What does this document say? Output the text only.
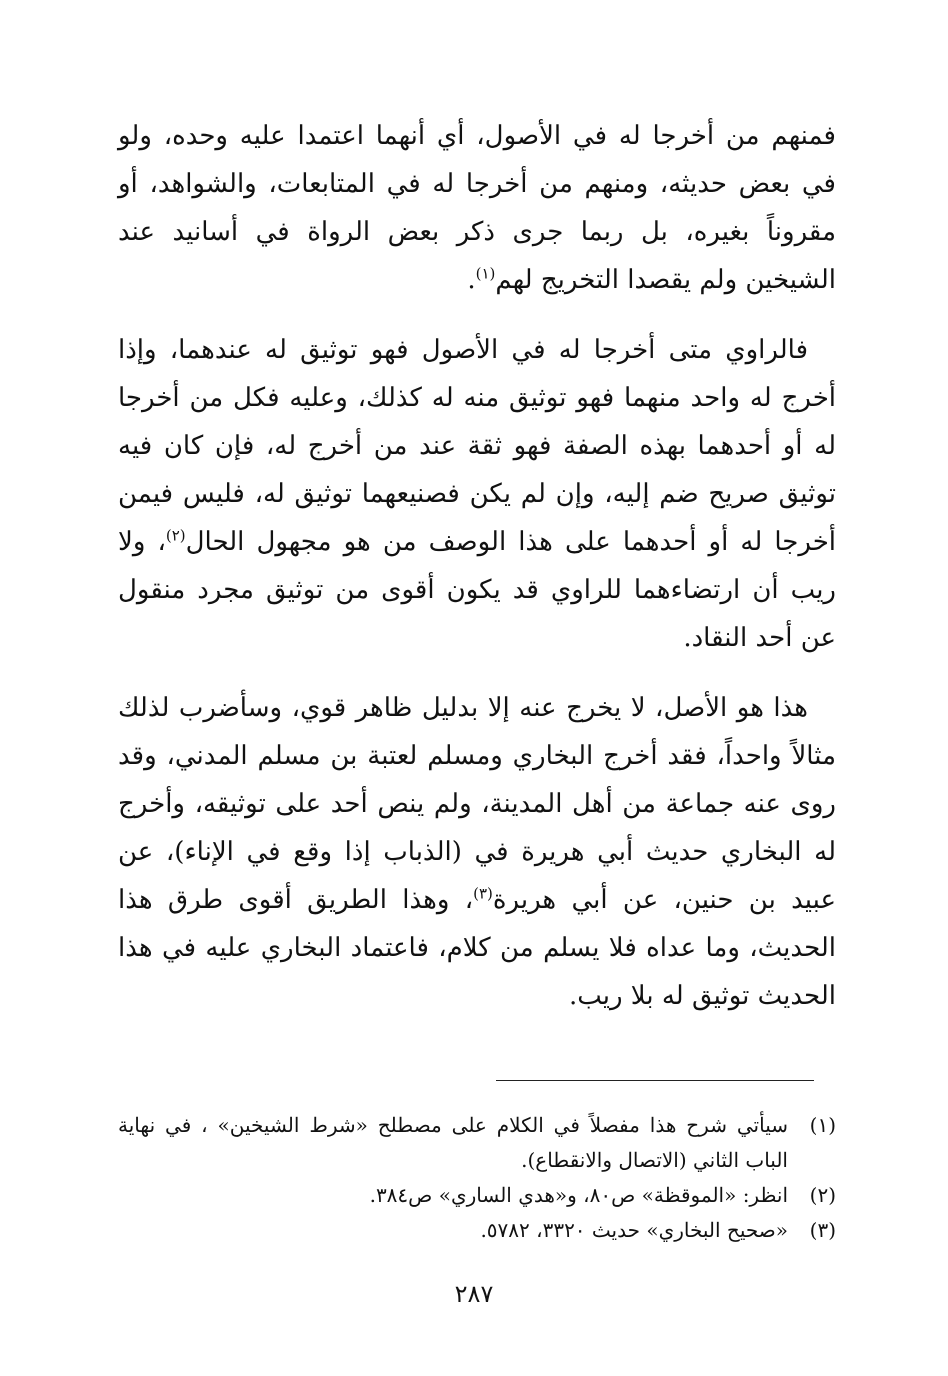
فمنهم من أخرجا له في الأصول، أي أنهما اعتمدا عليه وحده، ولو في بعض حديثه، ومنهم من أخرجا له في المتابعات، والشواهد، أو مقروناً بغيره، بل ربما جرى ذكر بعض الرواة في أسانيد عند الشيخين ولم يقصدا التخريج لهم$^{(١)}$.

فالراوي متى أخرجا له في الأصول فهو توثيق له عندهما، وإذا أخرج له واحد منهما فهو توثيق منه له كذلك، وعليه فكل من أخرجا له أو أحدهما بهذه الصفة فهو ثقة عند من أخرج له، فإن كان فيه توثيق صريح ضم إليه، وإن لم يكن فصنيعهما توثيق له، فليس فيمن أخرجا له أو أحدهما على هذا الوصف من هو مجهول الحال$^{(٢)}$، ولا ريب أن ارتضاءهما للراوي قد يكون أقوى من توثيق مجرد منقول عن أحد النقاد.

هذا هو الأصل، لا يخرج عنه إلا بدليل ظاهر قوي، وسأضرب لذلك مثالاً واحداً، فقد أخرج البخاري ومسلم لعتبة بن مسلم المدني، وقد روى عنه جماعة من أهل المدينة، ولم ينص أحد على توثيقه، وأخرج له البخاري حديث أبي هريرة في (الذباب إذا وقع في الإناء)، عن عبيد بن حنين، عن أبي هريرة$^{(٣)}$، وهذا الطريق أقوى طرق هذا الحديث، وما عداه فلا يسلم من كلام، فاعتماد البخاري عليه في هذا الحديث توثيق له بلا ريب.

(١)
سيأتي شرح هذا مفصلاً في الكلام على مصطلح «شرط الشيخين» ، في نهاية الباب الثاني (الاتصال والانقطاع).
(٢)
انظر: «الموقظة» ص٨٠، و«هدي الساري» ص٣٨٤.
(٣)
«صحيح البخاري» حديث ٣٣٢٠، ٥٧٨٢.
٢٨٧
